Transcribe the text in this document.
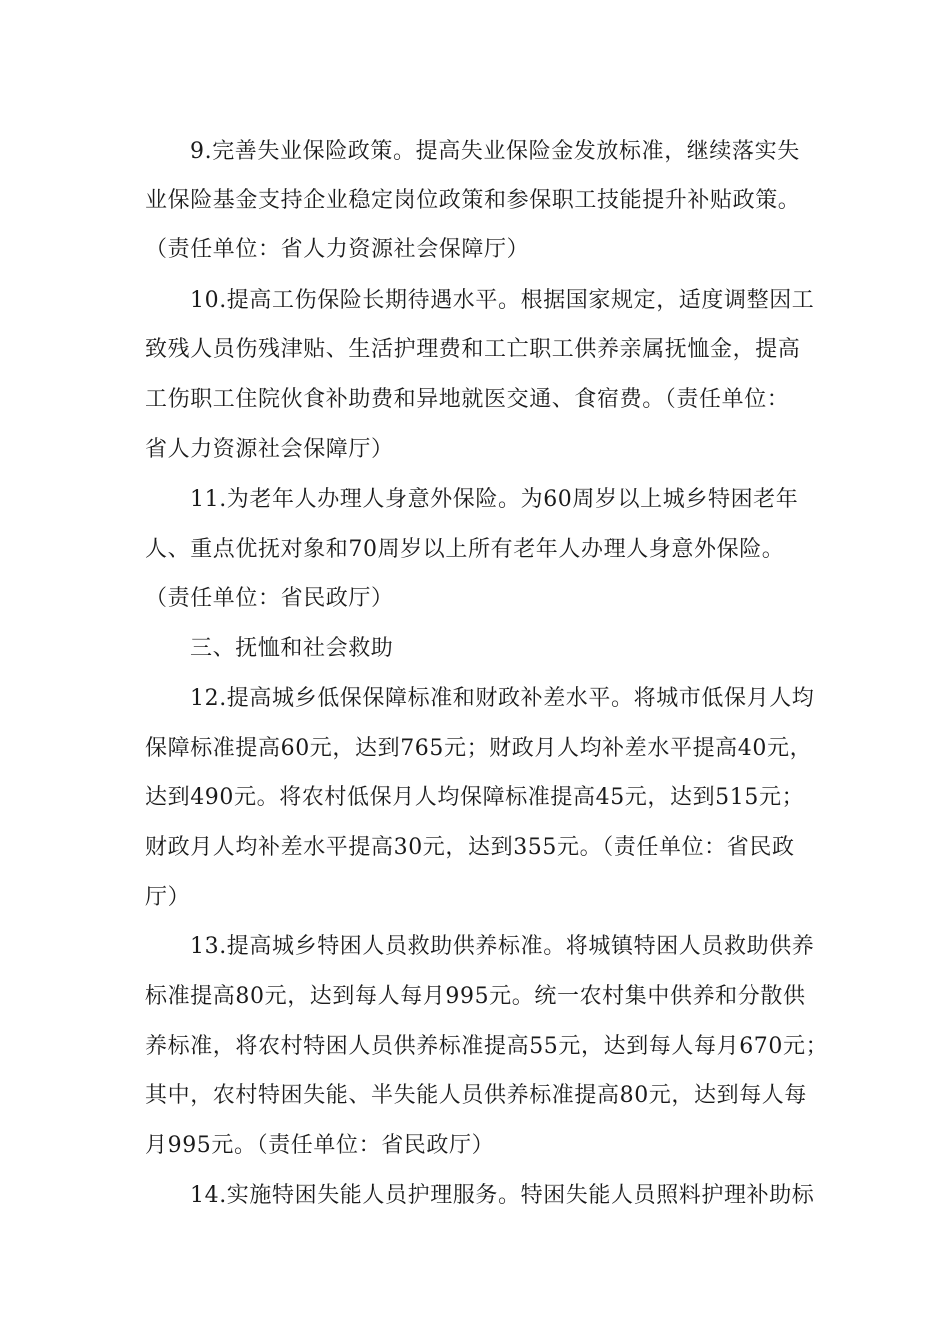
9.完善失业保险政策。提高失业保险金发放标准，继续落实失
业保险基金支持企业稳定岗位政策和参保职工技能提升补贴政策。
（责任单位：省人力资源社会保障厅）
10.提高工伤保险长期待遇水平。根据国家规定，适度调整因工
致残人员伤残津贴、生活护理费和工亡职工供养亲属抚恤金，提高
工伤职工住院伙食补助费和异地就医交通、食宿费。（责任单位：
省人力资源社会保障厅）
11.为老年人办理人身意外保险。为60周岁以上城乡特困老年
人、重点优抚对象和70周岁以上所有老年人办理人身意外保险。
（责任单位：省民政厅）
三、抚恤和社会救助
12.提高城乡低保保障标准和财政补差水平。将城市低保月人均
保障标准提高60元，达到765元；财政月人均补差水平提高40元，
达到490元。将农村低保月人均保障标准提高45元，达到515元；
财政月人均补差水平提高30元，达到355元。（责任单位：省民政
厅）
13.提高城乡特困人员救助供养标准。将城镇特困人员救助供养
标准提高80元，达到每人每月995元。统一农村集中供养和分散供
养标准，将农村特困人员供养标准提高55元，达到每人每月670元；
其中，农村特困失能、半失能人员供养标准提高80元，达到每人每
月995元。（责任单位：省民政厅）
14.实施特困失能人员护理服务。特困失能人员照料护理补助标
